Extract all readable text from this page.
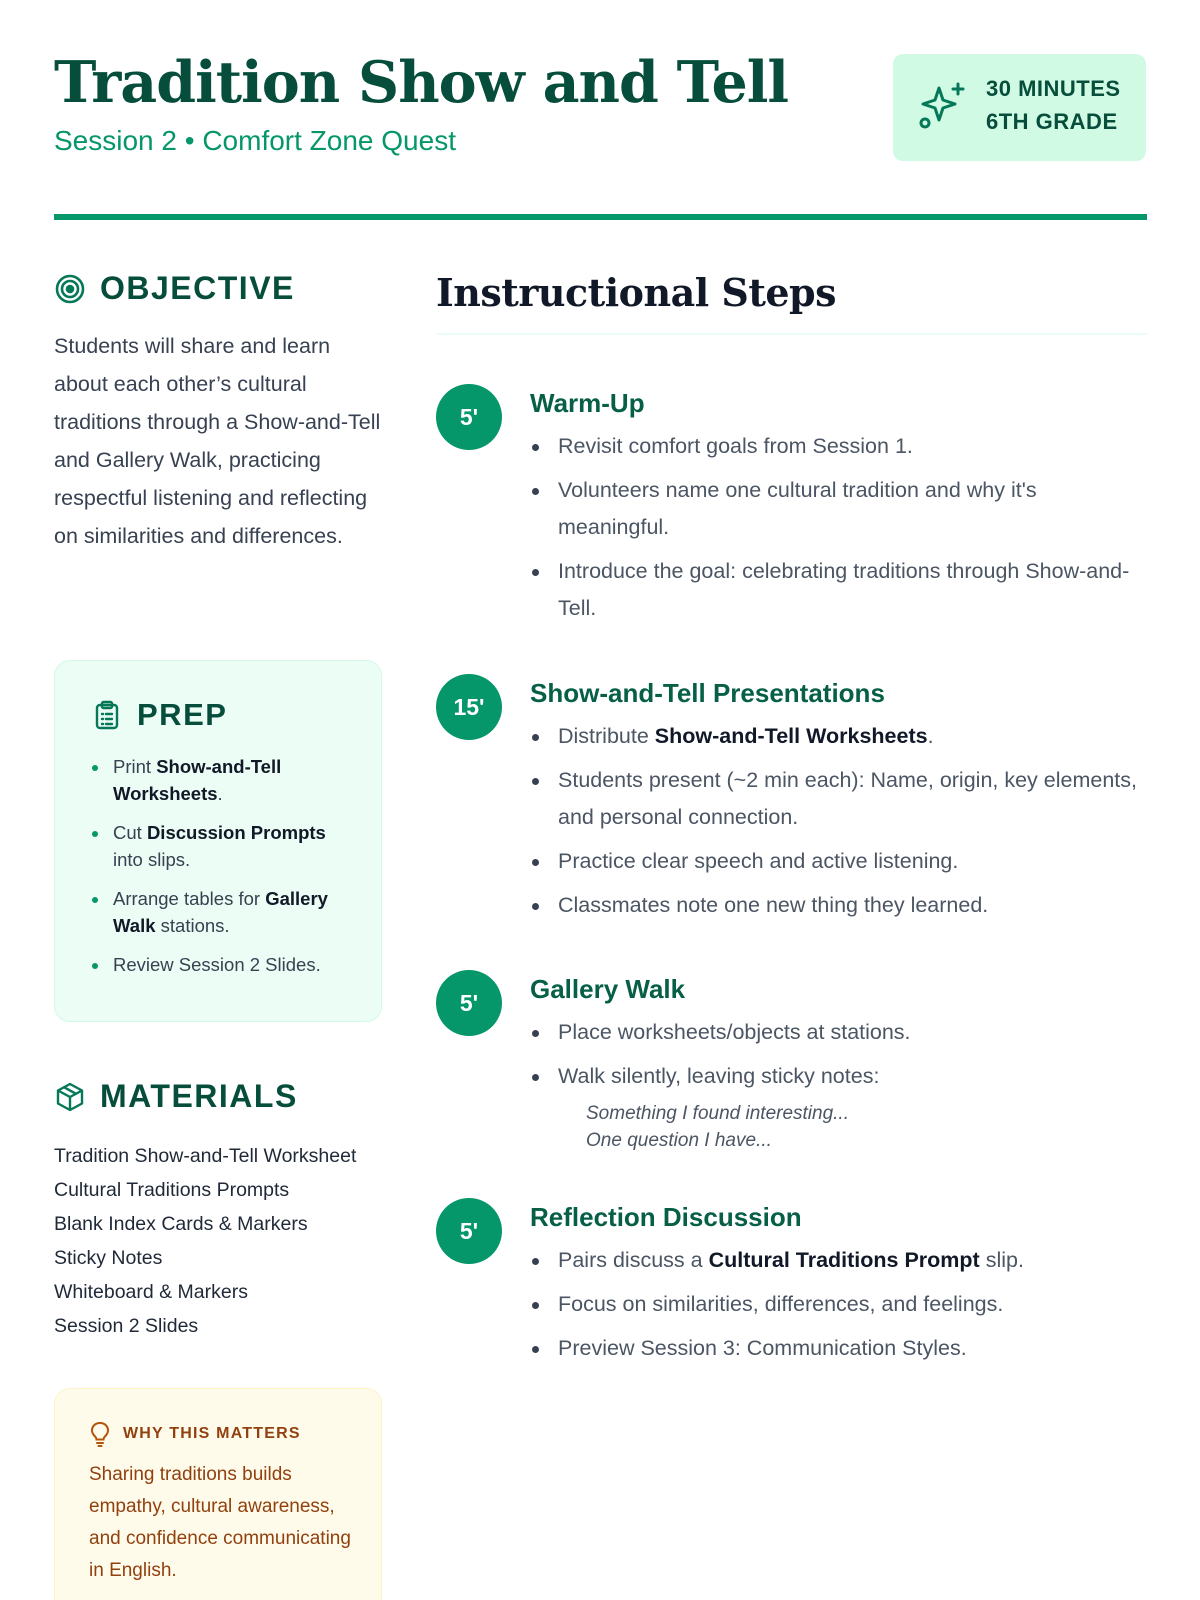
Tradition Show and Tell
Session 2 • Comfort Zone Quest
30 MINUTES
6TH GRADE
OBJECTIVE

Students will share and learn about each other’s cultural traditions through a Show-and-Tell and Gallery Walk, practicing respectful listening and reflecting on similarities and differences.

PREP
Print Show-and-Tell Worksheets.
Cut Discussion Prompts into slips.
Arrange tables for Gallery Walk stations.
Review Session 2 Slides.
MATERIALS
Tradition Show-and-Tell Worksheet
Cultural Traditions Prompts
Blank Index Cards & Markers
Sticky Notes
Whiteboard & Markers
Session 2 Slides
WHY THIS MATTERS

Sharing traditions builds empathy, cultural awareness, and confidence communicating in English.

Instructional Steps
5'	Warm-Up
Revisit comfort goals from Session 1.
Volunteers name one cultural tradition and why it's meaningful.
Introduce the goal: celebrating traditions through Show-and-Tell.
15'	Show-and-Tell Presentations
Distribute Show-and-Tell Worksheets.
Students present (~2 min each): Name, origin, key elements, and personal connection.
Practice clear speech and active listening.
Classmates note one new thing they learned.
5'	Gallery Walk
Place worksheets/objects at stations.
Walk silently, leaving sticky notes:
Something I found interesting...
One question I have...
5'	Reflection Discussion
Pairs discuss a Cultural Traditions Prompt slip.
Focus on similarities, differences, and feelings.
Preview Session 3: Communication Styles.
